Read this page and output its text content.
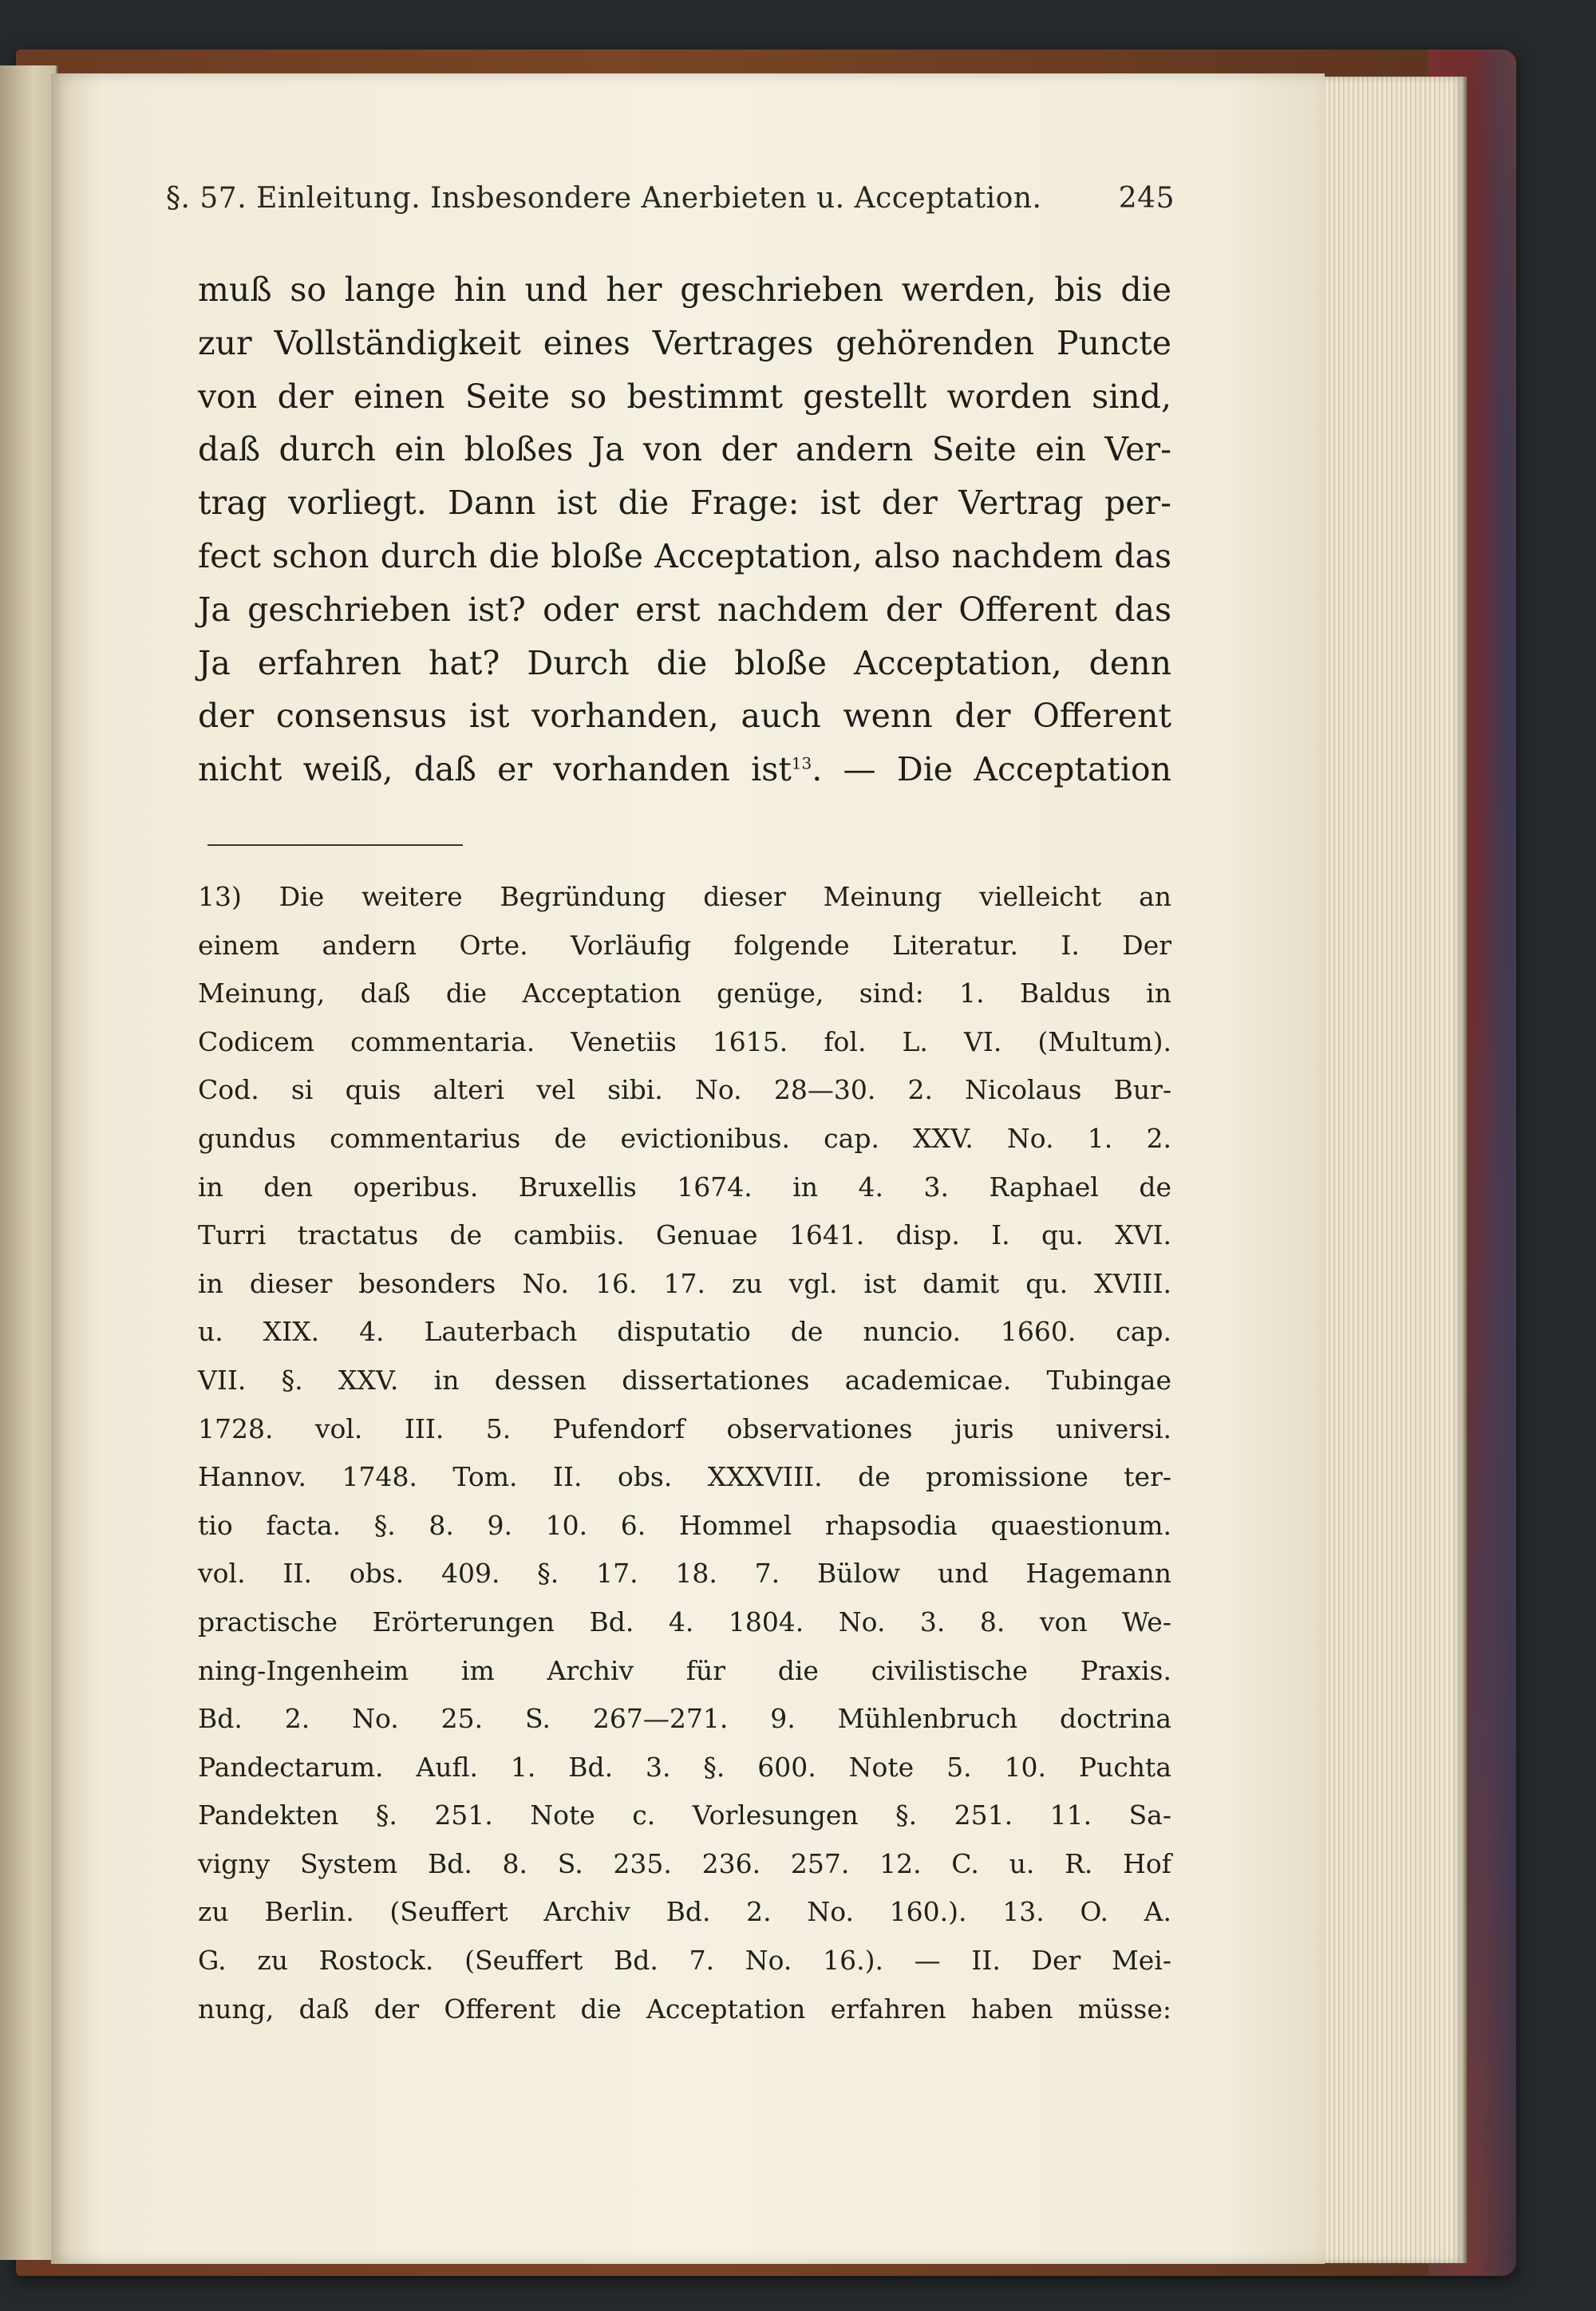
§. 57. Einleitung. Insbesondere Anerbieten u. Acceptation.	245
muß so lange hin und her geschrieben werden, bis die
zur Vollständigkeit eines Vertrages gehörenden Puncte
von der einen Seite so bestimmt gestellt worden sind,
daß durch ein bloßes Ja von der andern Seite ein Ver-
trag vorliegt. Dann ist die Frage: ist der Vertrag per-
fect schon durch die bloße Acceptation, also nachdem das
Ja geschrieben ist? oder erst nachdem der Offerent das
Ja erfahren hat? Durch die bloße Acceptation, denn
der consensus ist vorhanden, auch wenn der Offerent
nicht weiß, daß er vorhanden ist$^{13}$. — Die Acceptation
13) Die weitere Begründung dieser Meinung vielleicht an
einem andern Orte. Vorläufig folgende Literatur. I. Der
Meinung, daß die Acceptation genüge, sind: 1. Baldus in
Codicem commentaria. Venetiis 1615. fol. L. VI. (Multum).
Cod. si quis alteri vel sibi. No. 28—30. 2. Nicolaus Bur-
gundus commentarius de evictionibus. cap. XXV. No. 1. 2.
in den operibus. Bruxellis 1674. in 4. 3. Raphael de
Turri tractatus de cambiis. Genuae 1641. disp. I. qu. XVI.
in dieser besonders No. 16. 17. zu vgl. ist damit qu. XVIII.
u. XIX. 4. Lauterbach disputatio de nuncio. 1660. cap.
VII. §. XXV. in dessen dissertationes academicae. Tubingae
1728. vol. III. 5. Pufendorf observationes juris universi.
Hannov. 1748. Tom. II. obs. XXXVIII. de promissione ter-
tio facta. §. 8. 9. 10. 6. Hommel rhapsodia quaestionum.
vol. II. obs. 409. §. 17. 18. 7. Bülow und Hagemann
practische Erörterungen Bd. 4. 1804. No. 3. 8. von We-
ning-Ingenheim im Archiv für die civilistische Praxis.
Bd. 2. No. 25. S. 267—271. 9. Mühlenbruch doctrina
Pandectarum. Aufl. 1. Bd. 3. §. 600. Note 5. 10. Puchta
Pandekten §. 251. Note c. Vorlesungen §. 251. 11. Sa-
vigny System Bd. 8. S. 235. 236. 257. 12. C. u. R. Hof
zu Berlin. (Seuffert Archiv Bd. 2. No. 160.). 13. O. A.
G. zu Rostock. (Seuffert Bd. 7. No. 16.). — II. Der Mei-
nung, daß der Offerent die Acceptation erfahren haben müsse:
